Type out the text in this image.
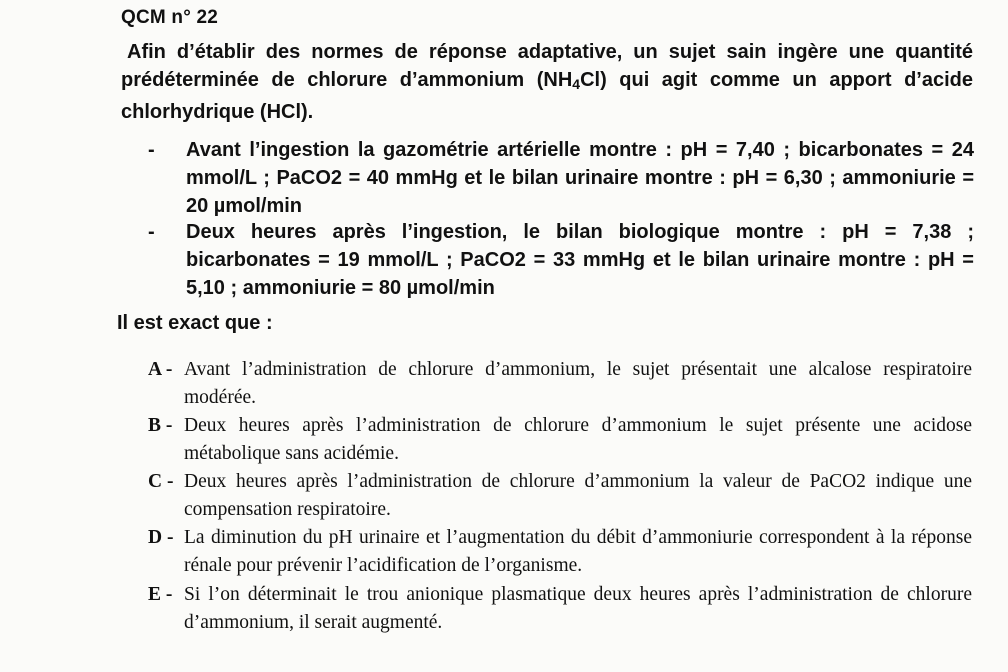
QCM n° 22
Afin d’établir des normes de réponse adaptative, un sujet sain ingère une quantité prédéterminée de chlorure d’ammonium $(NH_4Cl)$ qui agit comme un apport d’acide chlorhydrique (HCl).
-	Avant l’ingestion la gazométrie artérielle montre : pH = 7,40 ; bicarbonates = 24 mmol/L ; PaCO2 = 40 mmHg et le bilan urinaire montre : pH = 6,30 ; ammoniurie = 20 µmol/min
-	Deux heures après l’ingestion, le bilan biologique montre : pH = 7,38 ; bicarbonates = 19 mmol/L ; PaCO2 = 33 mmHg et le bilan urinaire montre : pH = 5,10 ; ammoniurie = 80 µmol/min
Il est exact que :
A - Avant l’administration de chlorure d’ammonium, le sujet présentait une alcalose respiratoire modérée.
B - Deux heures après l’administration de chlorure d’ammonium le sujet présente une acidose métabolique sans acidémie.
C - Deux heures après l’administration de chlorure d’ammonium la valeur de PaCO2 indique une compensation respiratoire.
D - La diminution du pH urinaire et l’augmentation du débit d’ammoniurie correspondent à la réponse rénale pour prévenir l’acidification de l’organisme.
E - Si l’on déterminait le trou anionique plasmatique deux heures après l’administration de chlorure d’ammonium, il serait augmenté.
